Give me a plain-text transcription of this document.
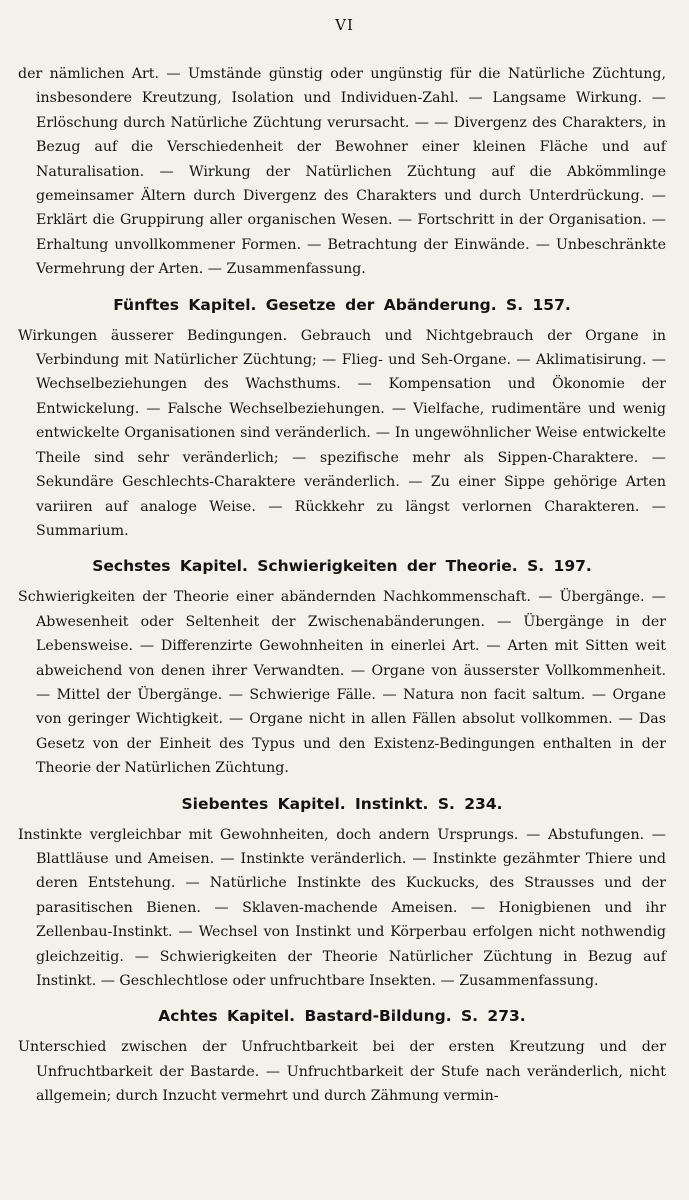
VI

der nämlichen Art. — Umstände günstig oder ungünstig für die Natürliche Züchtung, insbesondere Kreutzung, Isolation und Individuen-Zahl. — Langsame Wirkung. — Erlöschung durch Natürliche Züchtung verursacht. — — Divergenz des Charakters, in Bezug auf die Verschiedenheit der Bewohner einer kleinen Fläche und auf Naturalisation. — Wirkung der Natürlichen Züchtung auf die Abkömmlinge gemeinsamer Ältern durch Divergenz des Charakters und durch Unterdrückung. — Erklärt die Gruppirung aller organischen Wesen. — Fortschritt in der Organisation. — Erhaltung unvollkommener Formen. — Betrachtung der Einwände. — Unbeschränkte Vermehrung der Arten. — Zusammenfassung.

Fünftes Kapitel. Gesetze der Abänderung. S. 157.

Wirkungen äusserer Bedingungen. Gebrauch und Nichtgebrauch der Organe in Verbindung mit Natürlicher Züchtung; — Flieg- und Seh-Organe. — Aklimatisirung. — Wechselbeziehungen des Wachsthums. — Kompensation und Ökonomie der Entwickelung. — Falsche Wechselbeziehungen. — Vielfache, rudimentäre und wenig entwickelte Organisationen sind veränderlich. — In ungewöhnlicher Weise entwickelte Theile sind sehr veränderlich; — spezifische mehr als Sippen-Charaktere. — Sekundäre Geschlechts-Charaktere veränderlich. — Zu einer Sippe gehörige Arten variiren auf analoge Weise. — Rückkehr zu längst verlornen Charakteren. — Summarium.

Sechstes Kapitel. Schwierigkeiten der Theorie. S. 197.

Schwierigkeiten der Theorie einer abändernden Nachkommenschaft. — Übergänge. — Abwesenheit oder Seltenheit der Zwischenabänderungen. — Übergänge in der Lebensweise. — Differenzirte Gewohnheiten in einerlei Art. — Arten mit Sitten weit abweichend von denen ihrer Verwandten. — Organe von äusserster Vollkommenheit. — Mittel der Übergänge. — Schwierige Fälle. — Natura non facit saltum. — Organe von geringer Wichtigkeit. — Organe nicht in allen Fällen absolut vollkommen. — Das Gesetz von der Einheit des Typus und den Existenz-Bedingungen enthalten in der Theorie der Natürlichen Züchtung.

Siebentes Kapitel. Instinkt. S. 234.

Instinkte vergleichbar mit Gewohnheiten, doch andern Ursprungs. — Abstufungen. — Blattläuse und Ameisen. — Instinkte veränderlich. — Instinkte gezähmter Thiere und deren Entstehung. — Natürliche Instinkte des Kuckucks, des Strausses und der parasitischen Bienen. — Sklaven-machende Ameisen. — Honigbienen und ihr Zellenbau-Instinkt. — Wechsel von Instinkt und Körperbau erfolgen nicht nothwendig gleichzeitig. — Schwierigkeiten der Theorie Natürlicher Züchtung in Bezug auf Instinkt. — Geschlechtlose oder unfruchtbare Insekten. — Zusammenfassung.

Achtes Kapitel. Bastard-Bildung. S. 273.

Unterschied zwischen der Unfruchtbarkeit bei der ersten Kreutzung und der Unfruchtbarkeit der Bastarde. — Unfruchtbarkeit der Stufe nach veränderlich, nicht allgemein; durch Inzucht vermehrt und durch Zähmung vermin-
